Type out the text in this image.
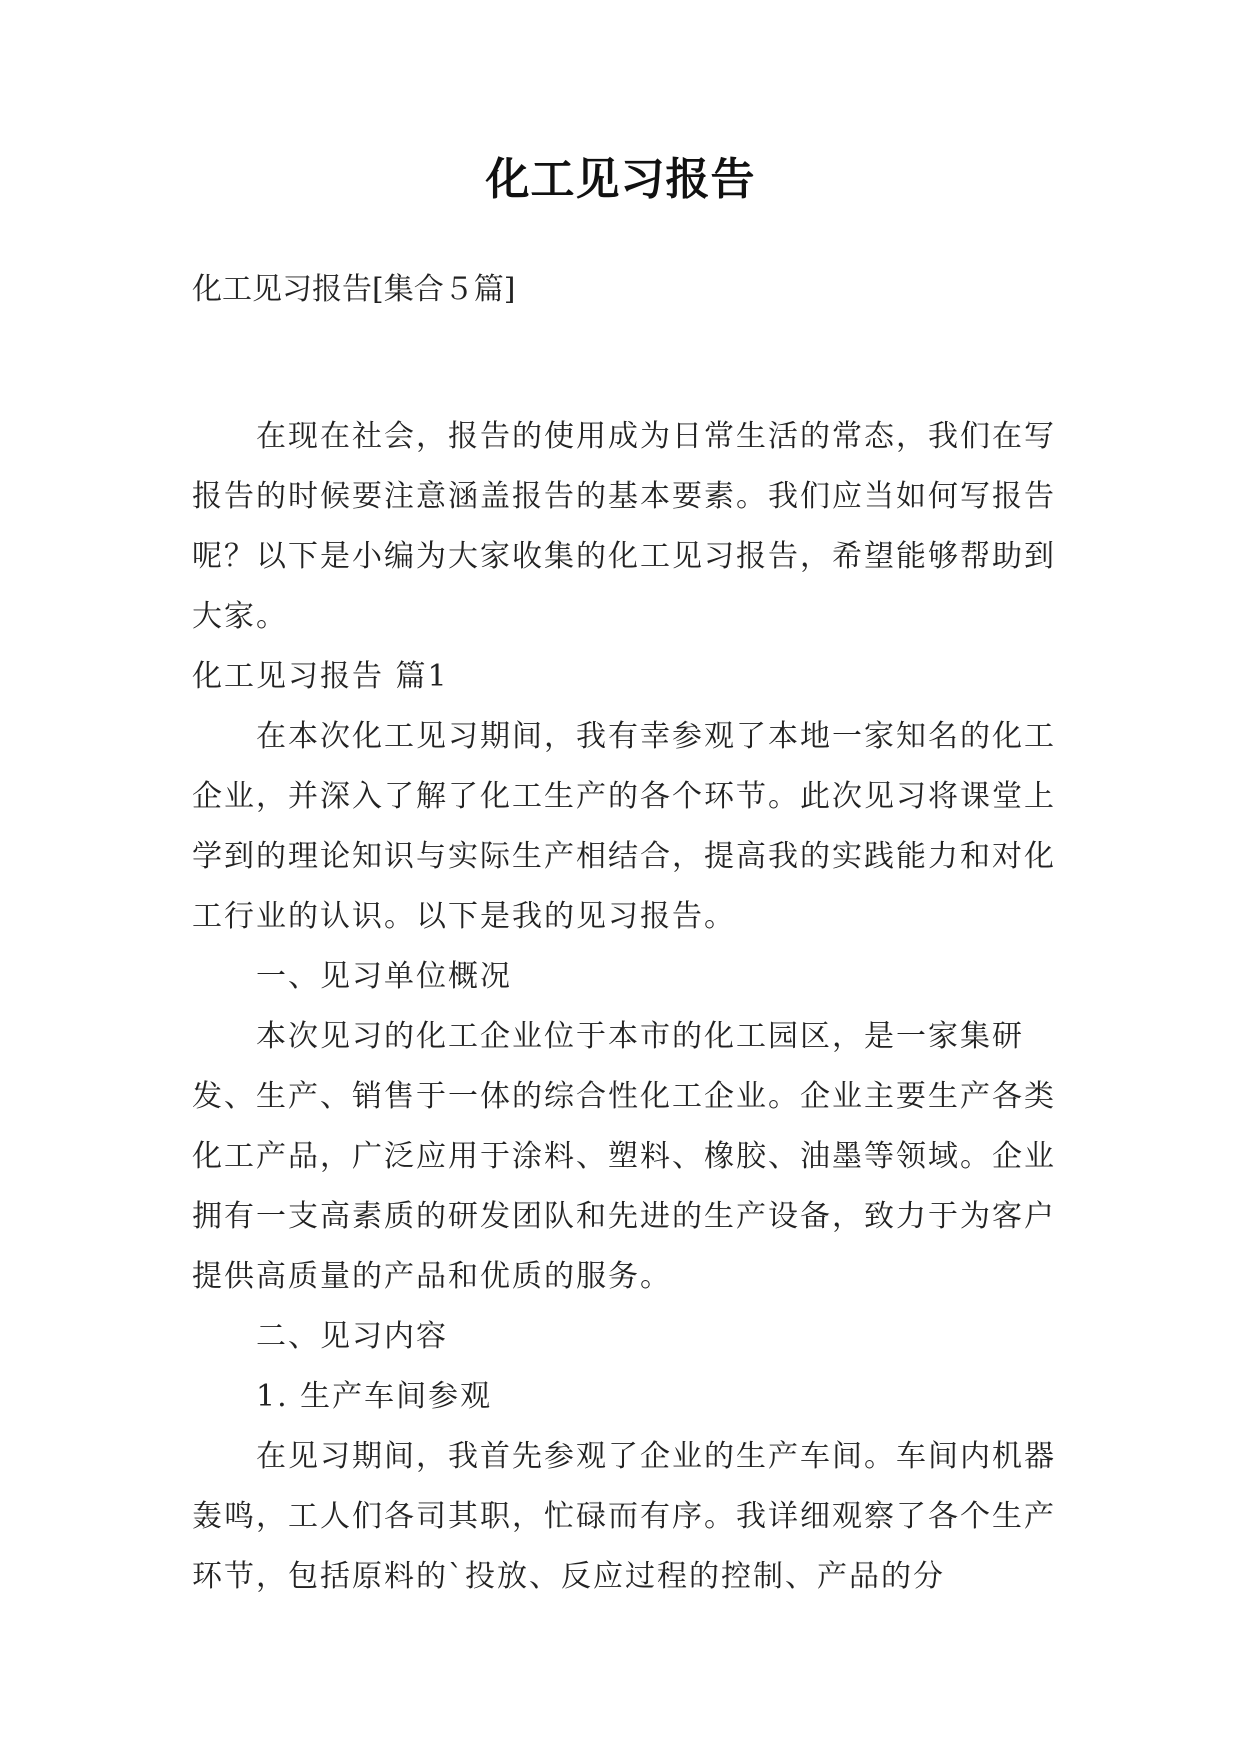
化工见习报告
化工见习报告[集合５篇]

在现在社会，报告的使用成为日常生活的常态，我们在写报告的时候要注意涵盖报告的基本要素。我们应当如何写报告呢？以下是小编为大家收集的化工见习报告，希望能够帮助到大家。

化工见习报告 篇1

在本次化工见习期间，我有幸参观了本地一家知名的化工企业，并深入了解了化工生产的各个环节。此次见习将课堂上学到的理论知识与实际生产相结合，提高我的实践能力和对化工行业的认识。以下是我的见习报告。

一、见习单位概况

本次见习的化工企业位于本市的化工园区，是一家集研发、生产、销售于一体的综合性化工企业。企业主要生产各类化工产品，广泛应用于涂料、塑料、橡胶、油墨等领域。企业拥有一支高素质的研发团队和先进的生产设备，致力于为客户提供高质量的产品和优质的服务。

二、见习内容

1. 生产车间参观

在见习期间，我首先参观了企业的生产车间。车间内机器轰鸣，工人们各司其职，忙碌而有序。我详细观察了各个生产环节，包括原料的`投放、反应过程的控制、产品的分
